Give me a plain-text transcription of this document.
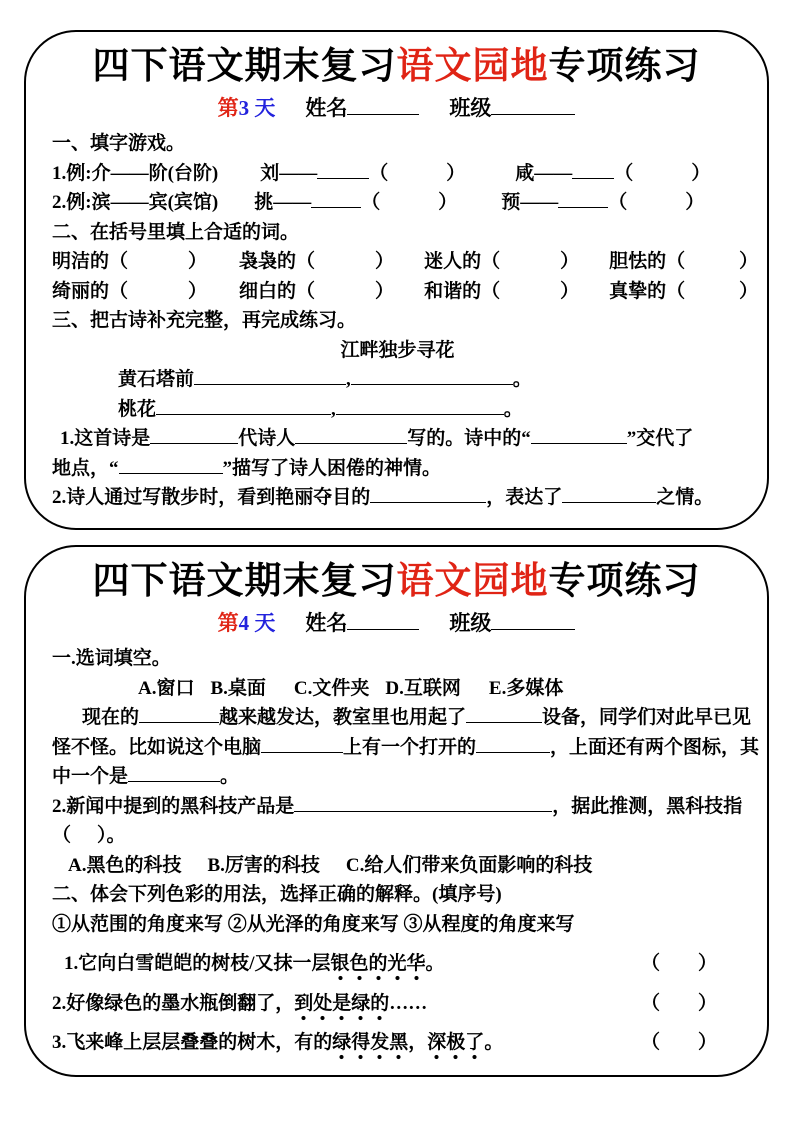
四下语文期末复习语文园地专项练习
第3 天 姓名	班级
一、填字游戏。
1.例:介——阶(台阶) 刘——	（	）	咸—— （	）
2.例:滨——宾(宾馆) 挑——	（	） 预——	（	）
二、在括号里填上合适的词。
明洁的（	） 袅袅的（	） 迷人的（	） 胆怯的（	）
绮丽的（	） 细白的（	） 和谐的（	） 真挚的（	）
三、把古诗补充完整，再完成练习。
江畔独步寻花
黄石塔前	,	。
桃花	,	。
1.这首诗是	代诗人	写的。诗中的“	”交代了
地点，“	”描写了诗人困倦的神情。
2.诗人通过写散步时，看到艳丽夺目的	，表达了	之情。
四下语文期末复习语文园地专项练习
第4 天 姓名	班级
一.选词填空。
A.窗口 B.桌面 C.文件夹 D.互联网 E.多媒体
现在的	越来越发达，教室里也用起了	设备，同学们对此早已见
怪不怪。比如说这个电脑	上有一个打开的	，上面还有两个图标，其
中一个是	。
2.新闻中提到的黑科技产品是	，据此推测，黑科技指
（ ）。
A.黑色的科技 B.厉害的科技 C.给人们带来负面影响的科技
二、体会下列色彩的用法，选择正确的解释。(填序号)
①从范围的角度来写 ②从光泽的角度来写 ③从程度的角度来写
1.它向白雪皑皑的树枝/又抹一层银色的光华。	（　　）
2.好像绿色的墨水瓶倒翻了，到处是绿的……	（　　）
3.飞来峰上层层叠叠的树木，有的绿得发黑，深极了。	（　　）
